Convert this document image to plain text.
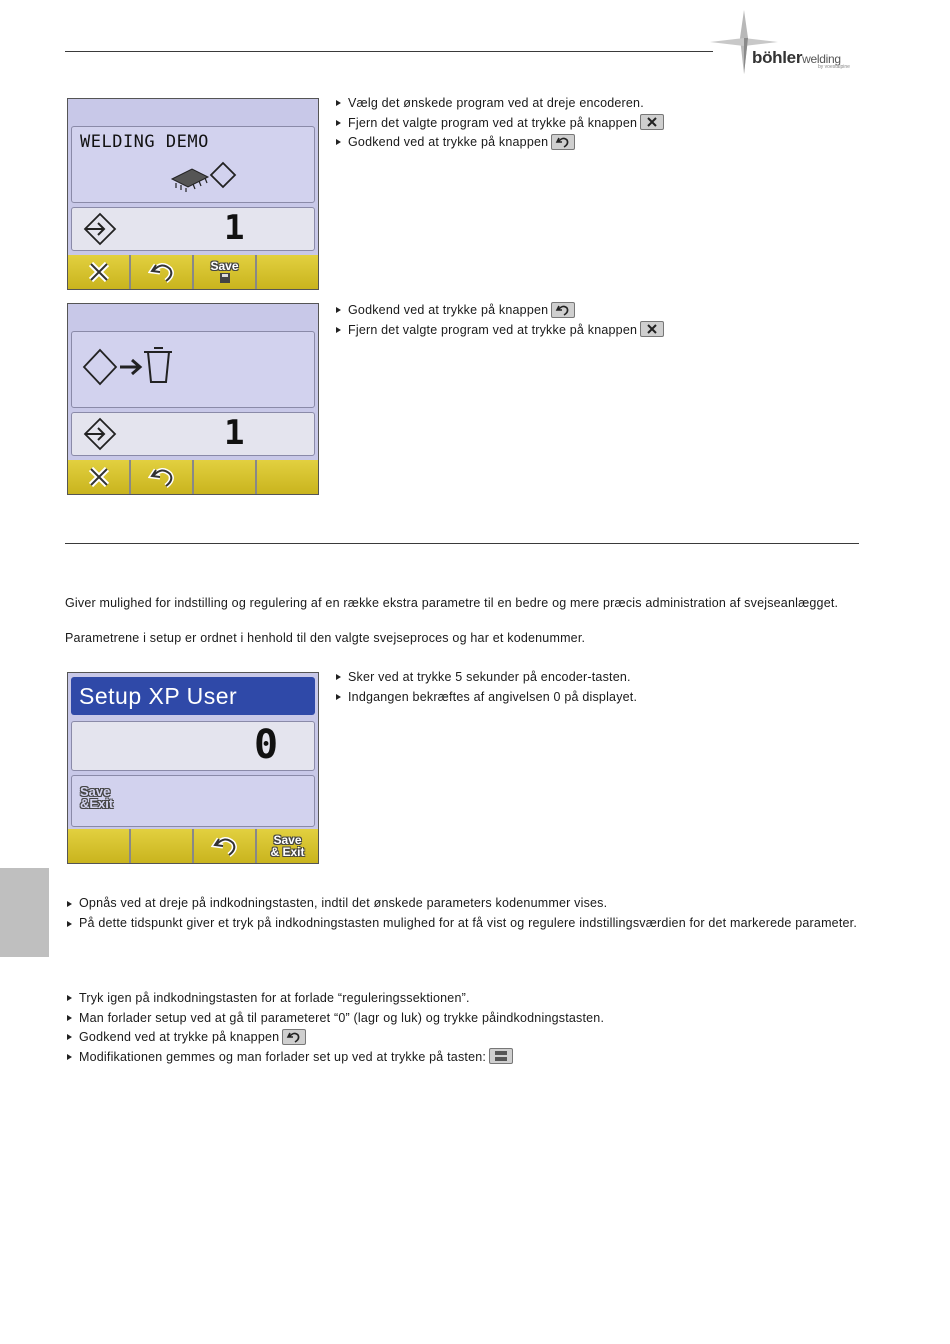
böhlerwelding
by voestalpine
WELDING DEMO
1
Save
Vælg det ønskede program ved at dreje encoderen.
Fjern det valgte program ved at trykke på knappen
Godkend ved at trykke på knappen
1
Godkend ved at trykke på knappen
Fjern det valgte program ved at trykke på knappen
Giver mulighed for indstilling og regulering af en række ekstra parametre til en bedre og mere præcis administration af svejseanlægget.
Parametrene i setup er ordnet i henhold til den valgte svejseproces og har et kodenummer.
Setup XP User
0
Save
&Exit
Save
& Exit
Sker ved at trykke 5 sekunder på encoder-tasten.
Indgangen bekræftes af angivelsen 0 på displayet.
Opnås ved at dreje på indkodningstasten, indtil det ønskede parameters kodenummer vises.
På dette tidspunkt giver et tryk på indkodningstasten mulighed for at få vist og regulere indstillingsværdien for det markerede parameter.
Tryk igen på indkodningstasten for at forlade “reguleringssektionen”.
Man forlader setup ved at gå til parameteret “0” (lagr og luk) og trykke påindkodningstasten.
Godkend ved at trykke på knappen
Modifikationen gemmes og man forlader set up ved at trykke på tasten:
